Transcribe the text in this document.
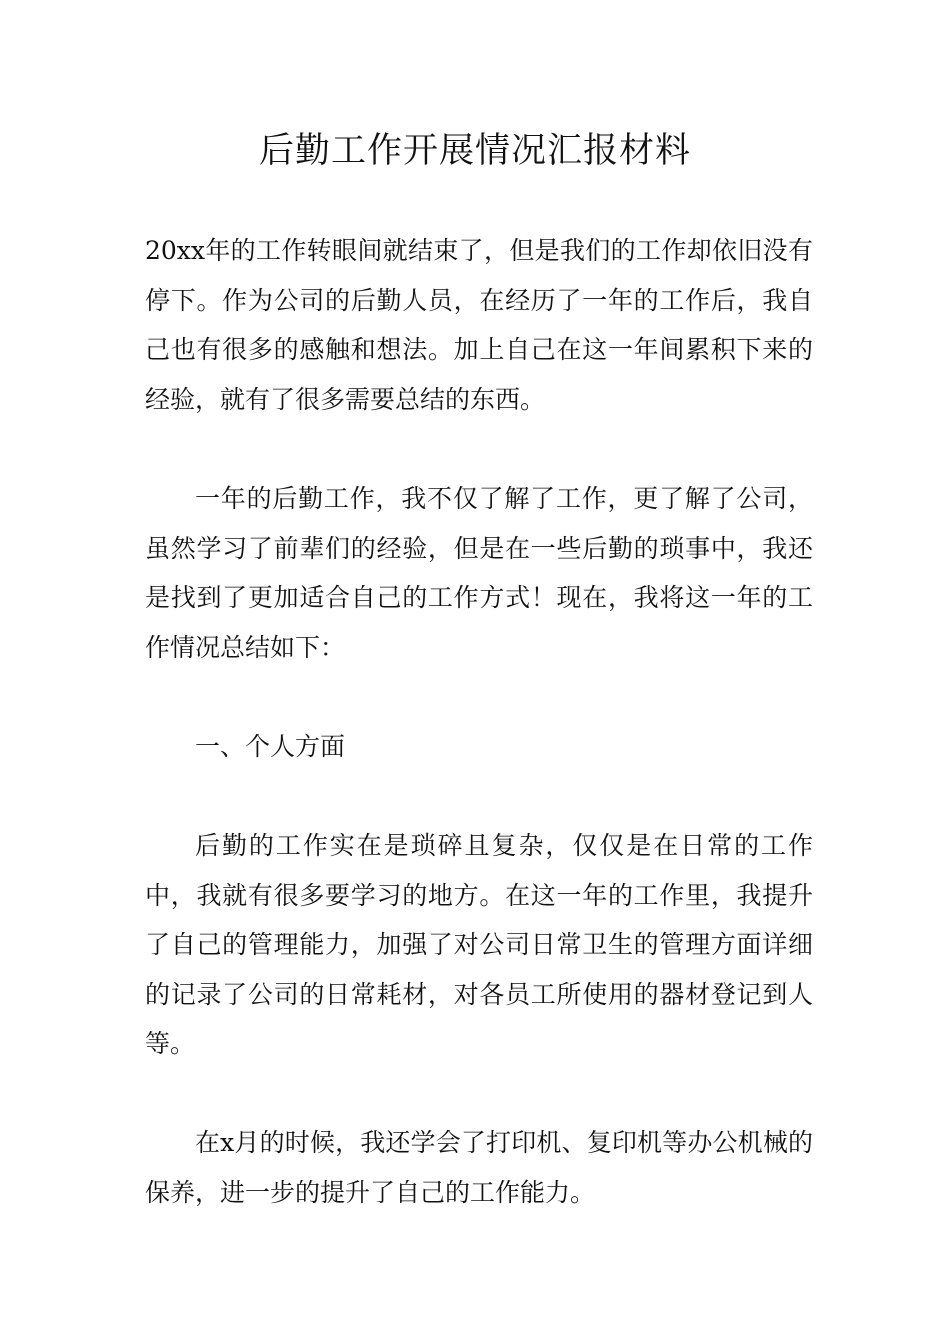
后勤工作开展情况汇报材料

20xx年的工作转眼间就结束了，但是我们的工作却依旧没有停下。作为公司的后勤人员，在经历了一年的工作后，我自己也有很多的感触和想法。加上自己在这一年间累积下来的经验，就有了很多需要总结的东西。

一年的后勤工作，我不仅了解了工作，更了解了公司，虽然学习了前辈们的经验，但是在一些后勤的琐事中，我还是找到了更加适合自己的工作方式！现在，我将这一年的工作情况总结如下：

一、个人方面

后勤的工作实在是琐碎且复杂，仅仅是在日常的工作中，我就有很多要学习的地方。在这一年的工作里，我提升了自己的管理能力，加强了对公司日常卫生的管理方面详细的记录了公司的日常耗材，对各员工所使用的器材登记到人等。

在x月的时候，我还学会了打印机、复印机等办公机械的保养，进一步的提升了自己的工作能力。
